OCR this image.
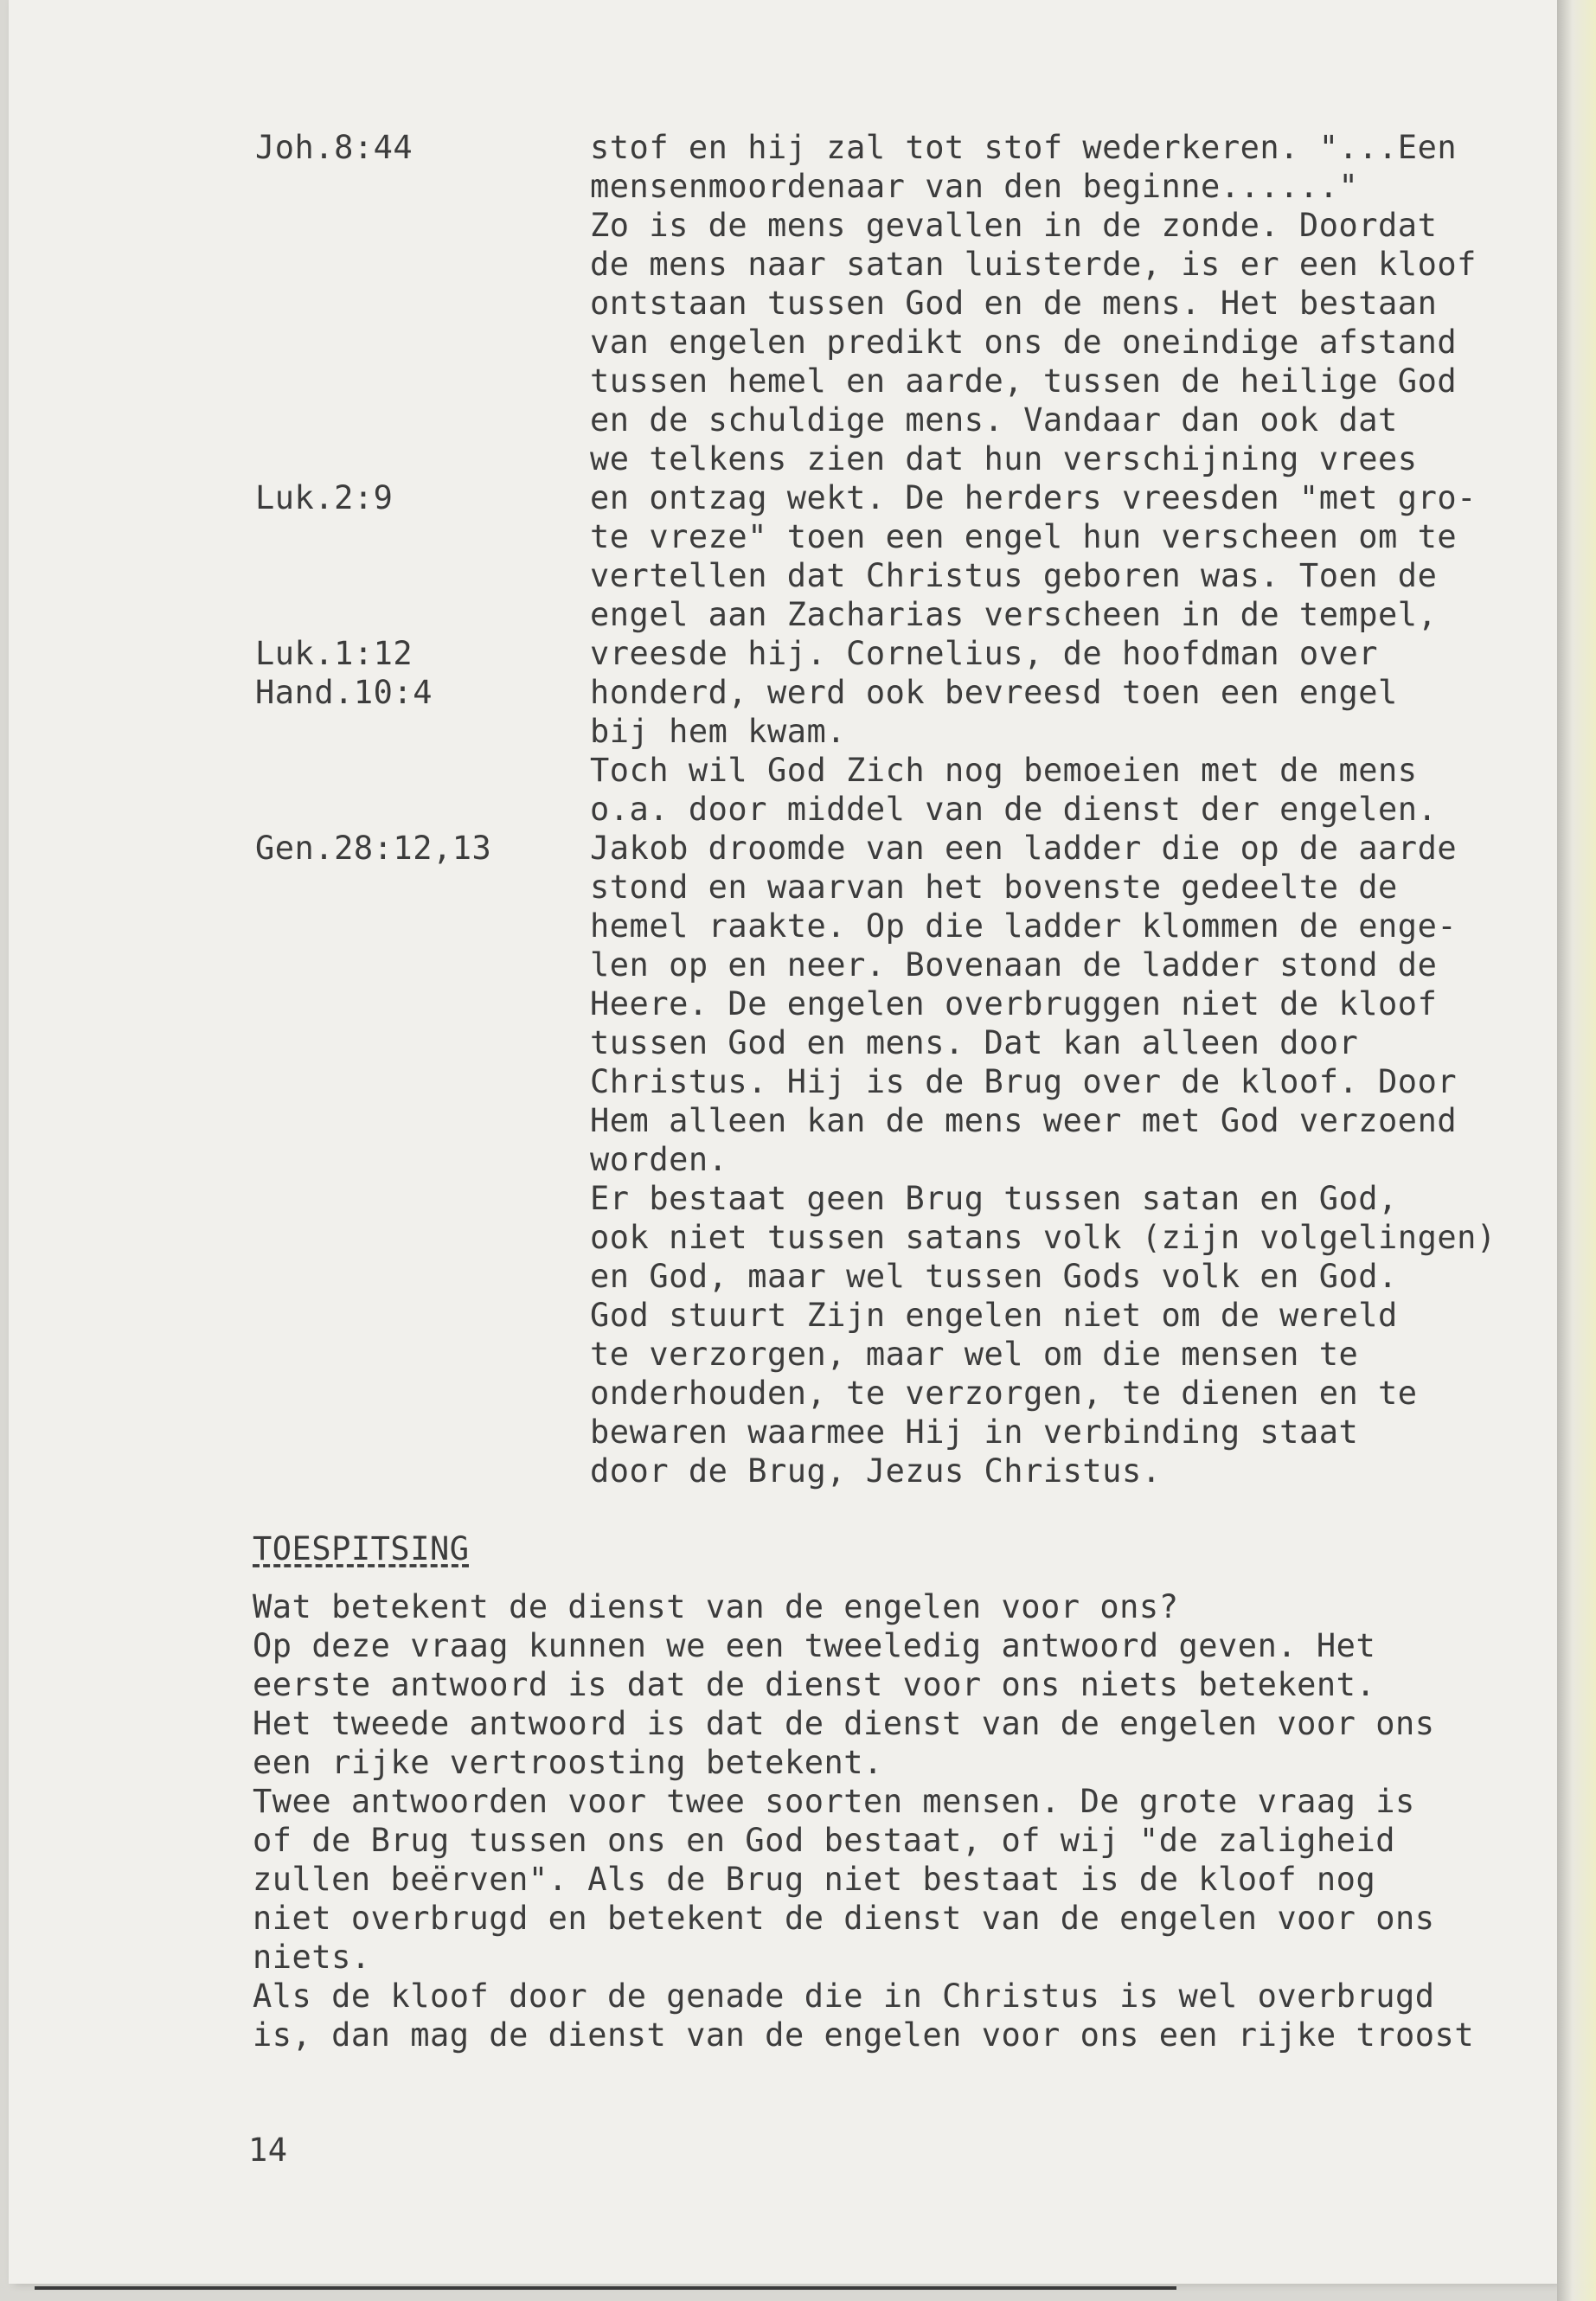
Joh.8:44
Luk.2:9
Luk.1:12
Hand.10:4
Gen.28:12,13
stof en hij zal tot stof wederkeren. "...Een
mensenmoordenaar van den beginne......"
Zo is de mens gevallen in de zonde. Doordat
de mens naar satan luisterde, is er een kloof
ontstaan tussen God en de mens. Het bestaan
van engelen predikt ons de oneindige afstand
tussen hemel en aarde, tussen de heilige God
en de schuldige mens. Vandaar dan ook dat
we telkens zien dat hun verschijning vrees
en ontzag wekt. De herders vreesden "met gro-
te vreze" toen een engel hun verscheen om te
vertellen dat Christus geboren was. Toen de
engel aan Zacharias verscheen in de tempel,
vreesde hij. Cornelius, de hoofdman over
honderd, werd ook bevreesd toen een engel
bij hem kwam.
Toch wil God Zich nog bemoeien met de mens
o.a. door middel van de dienst der engelen.
Jakob droomde van een ladder die op de aarde
stond en waarvan het bovenste gedeelte de
hemel raakte. Op die ladder klommen de enge-
len op en neer. Bovenaan de ladder stond de
Heere. De engelen overbruggen niet de kloof
tussen God en mens. Dat kan alleen door
Christus. Hij is de Brug over de kloof. Door
Hem alleen kan de mens weer met God verzoend
worden.
Er bestaat geen Brug tussen satan en God,
ook niet tussen satans volk (zijn volgelingen)
en God, maar wel tussen Gods volk en God.
God stuurt Zijn engelen niet om de wereld
te verzorgen, maar wel om die mensen te
onderhouden, te verzorgen, te dienen en te
bewaren waarmee Hij in verbinding staat
door de Brug, Jezus Christus.
TOESPITSING
Wat betekent de dienst van de engelen voor ons?
Op deze vraag kunnen we een tweeledig antwoord geven. Het
eerste antwoord is dat de dienst voor ons niets betekent.
Het tweede antwoord is dat de dienst van de engelen voor ons
een rijke vertroosting betekent.
Twee antwoorden voor twee soorten mensen. De grote vraag is
of de Brug tussen ons en God bestaat, of wij "de zaligheid
zullen beërven". Als de Brug niet bestaat is de kloof nog
niet overbrugd en betekent de dienst van de engelen voor ons
niets.
Als de kloof door de genade die in Christus is wel overbrugd
is, dan mag de dienst van de engelen voor ons een rijke troost
14
